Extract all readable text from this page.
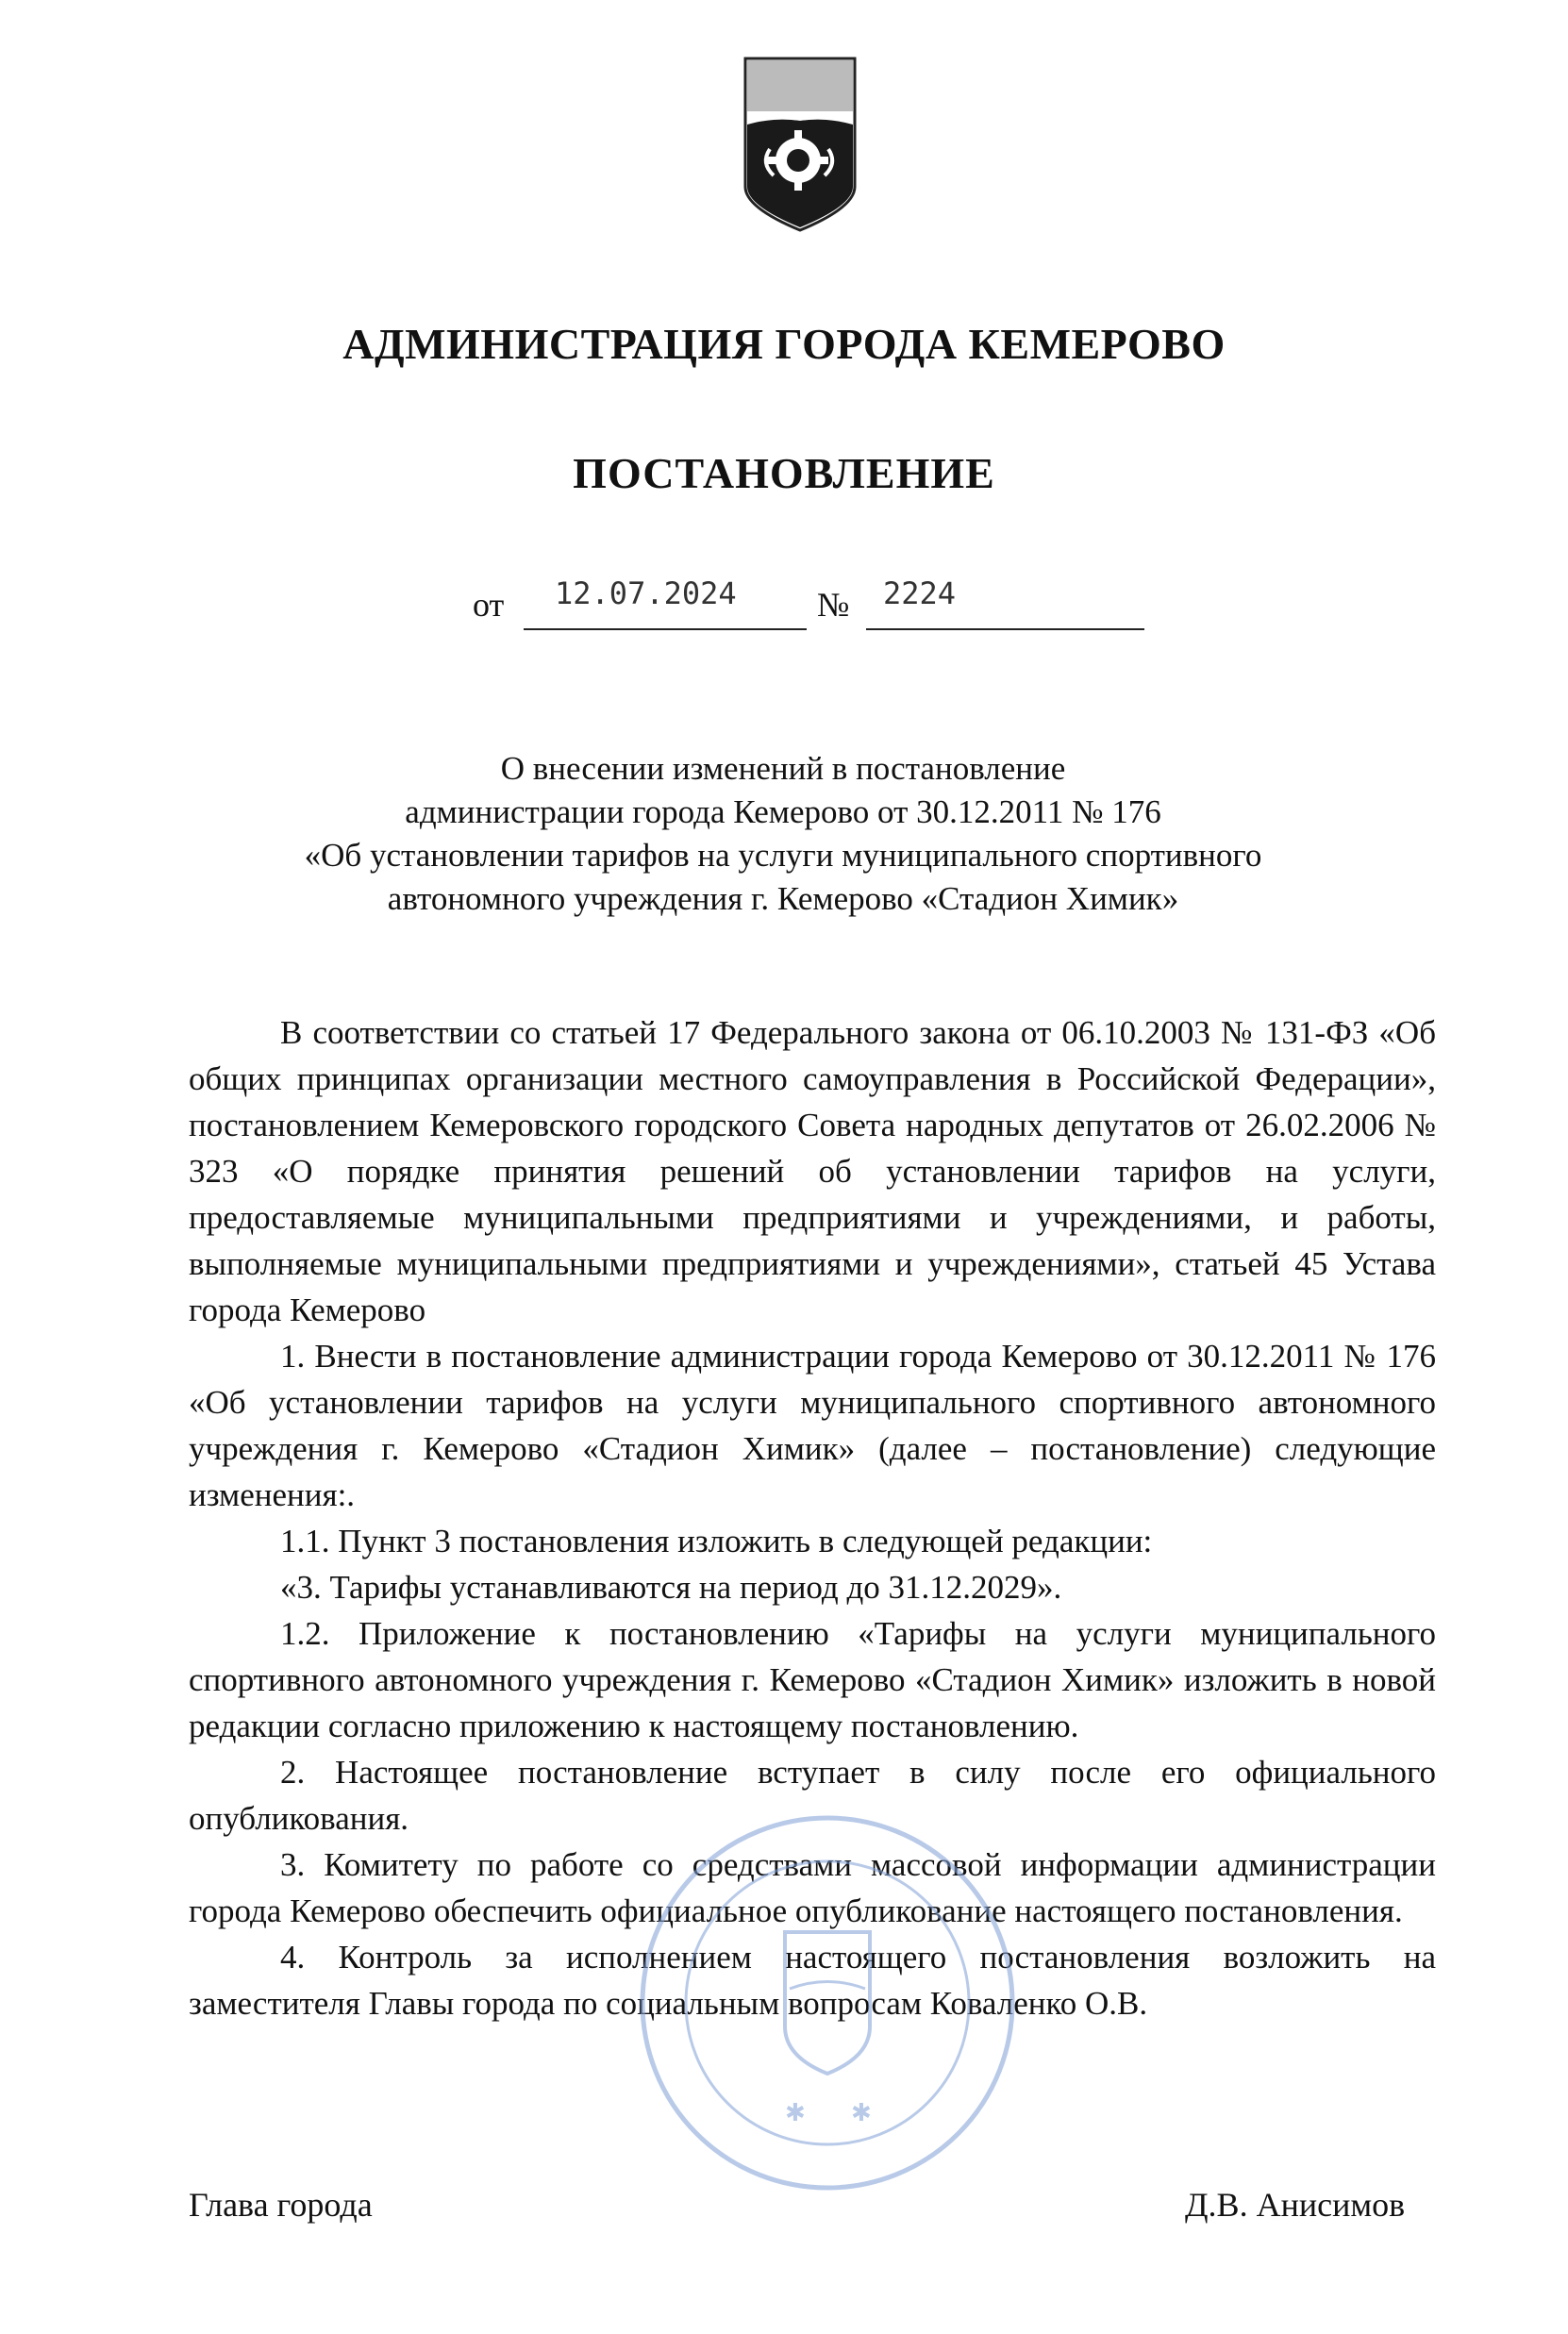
АДМИНИСТРАЦИЯ ГОРОДА КЕМЕРОВО
ПОСТАНОВЛЕНИЕ
от 12.07.2024 № 2224
О внесении изменений в постановление
администрации города Кемерово от 30.12.2011 № 176
«Об установлении тарифов на услуги муниципального спортивного
автономного учреждения г. Кемерово «Стадион Химик»

В соответствии со статьей 17 Федерального закона от 06.10.2003 № 131-ФЗ «Об общих принципах организации местного самоуправления в Российской Федерации», постановлением Кемеровского городского Совета народных депутатов от 26.02.2006 № 323 «О порядке принятия решений об установлении тарифов на услуги, предоставляемые муниципальными предприятиями и учреждениями, и работы, выполняемые муниципальными предприятиями и учреждениями», статьей 45 Устава города Кемерово

1. Внести в постановление администрации города Кемерово от 30.12.2011 № 176 «Об установлении тарифов на услуги муниципального спортивного автономного учреждения г. Кемерово «Стадион Химик» (далее – постановление) следующие изменения:.

1.1. Пункт 3 постановления изложить в следующей редакции:

«3. Тарифы устанавливаются на период до 31.12.2029».

1.2. Приложение к постановлению «Тарифы на услуги муниципального спортивного автономного учреждения г. Кемерово «Стадион Химик» изложить в новой редакции согласно приложению к настоящему постановлению.

2. Настоящее постановление вступает в силу после его официального опубликования.

3. Комитету по работе со средствами массовой информации администрации города Кемерово обеспечить официальное опубликование настоящего постановления.

4. Контроль за исполнением настоящего постановления возложить на заместителя Главы города по социальным вопросам Коваленко О.В.

✱ ✱
Глава города	Д.В. Анисимов
